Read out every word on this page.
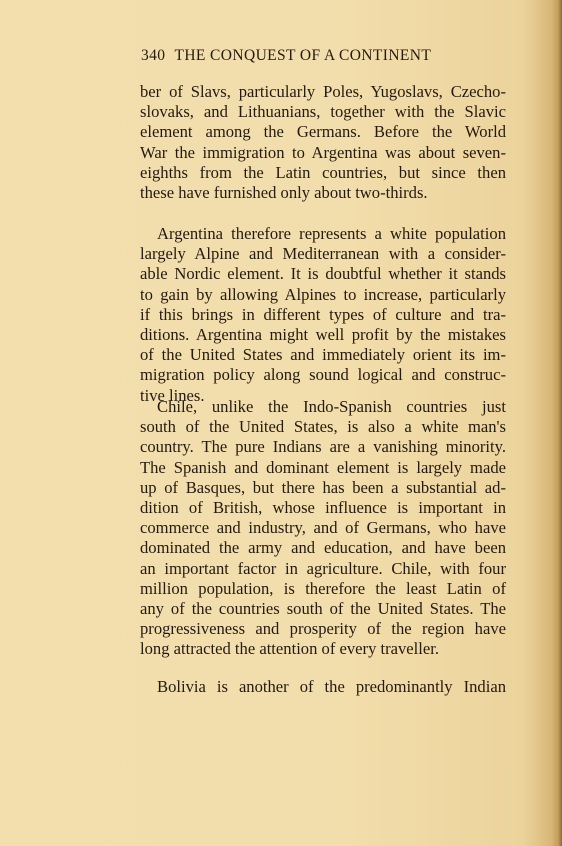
340 THE CONQUEST OF A CONTINENT
ber of Slavs, particularly Poles, Yugoslavs, Czecho-
slovaks, and Lithuanians, together with the Slavic
element among the Germans. Before the World
War the immigration to Argentina was about seven-
eighths from the Latin countries, but since then
these have furnished only about two-thirds.
Argentina therefore represents a white population
largely Alpine and Mediterranean with a consider-
able Nordic element. It is doubtful whether it stands
to gain by allowing Alpines to increase, particularly
if this brings in different types of culture and tra-
ditions. Argentina might well profit by the mistakes
of the United States and immediately orient its im-
migration policy along sound logical and construc-
tive lines.
Chile, unlike the Indo-Spanish countries just
south of the United States, is also a white man's
country. The pure Indians are a vanishing minority.
The Spanish and dominant element is largely made
up of Basques, but there has been a substantial ad-
dition of British, whose influence is important in
commerce and industry, and of Germans, who have
dominated the army and education, and have been
an important factor in agriculture. Chile, with four
million population, is therefore the least Latin of
any of the countries south of the United States. The
progressiveness and prosperity of the region have
long attracted the attention of every traveller.
Bolivia is another of the predominantly Indian
